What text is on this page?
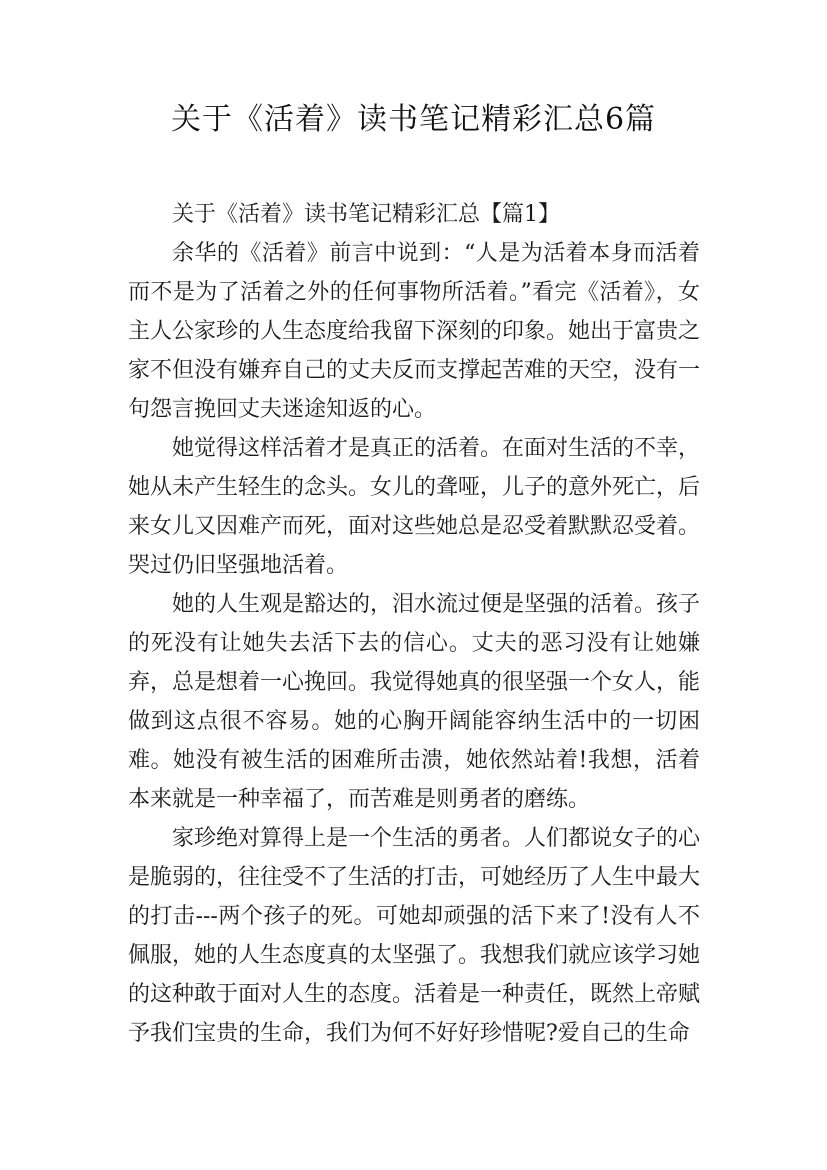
关于《活着》读书笔记精彩汇总6篇

关于《活着》读书笔记精彩汇总【篇1】

余华的《活着》前言中说到：“人是为活着本身而活着而不是为了活着之外的任何事物所活着。”看完《活着》，女主人公家珍的人生态度给我留下深刻的印象。她出于富贵之家不但没有嫌弃自己的丈夫反而支撑起苦难的天空，没有一句怨言挽回丈夫迷途知返的心。

她觉得这样活着才是真正的活着。在面对生活的不幸，她从未产生轻生的念头。女儿的聋哑，儿子的意外死亡，后来女儿又因难产而死，面对这些她总是忍受着默默忍受着。哭过仍旧坚强地活着。

她的人生观是豁达的，泪水流过便是坚强的活着。孩子的死没有让她失去活下去的信心。丈夫的恶习没有让她嫌弃，总是想着一心挽回。我觉得她真的很坚强一个女人，能做到这点很不容易。她的心胸开阔能容纳生活中的一切困难。她没有被生活的困难所击溃，她依然站着!我想，活着本来就是一种幸福了，而苦难是则勇者的磨练。

家珍绝对算得上是一个生活的勇者。人们都说女子的心是脆弱的，往往受不了生活的打击，可她经历了人生中最大的打击---两个孩子的死。可她却顽强的活下来了!没有人不佩服，她的人生态度真的太坚强了。我想我们就应该学习她的这种敢于面对人生的态度。活着是一种责任，既然上帝赋予我们宝贵的生命，我们为何不好好珍惜呢?爱自己的生命
